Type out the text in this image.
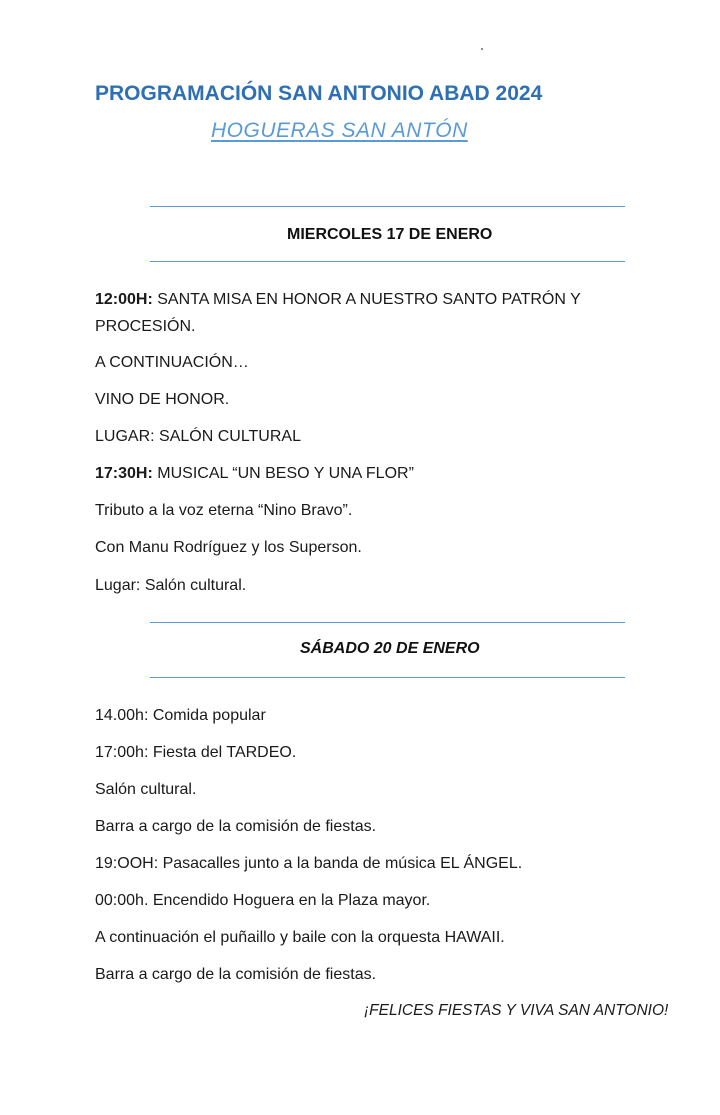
PROGRAMACIÓN SAN ANTONIO ABAD 2024
HOGUERAS SAN ANTÓN
MIERCOLES 17 DE ENERO
12:00H: SANTA MISA EN HONOR A NUESTRO SANTO PATRÓN Y
PROCESIÓN.
A CONTINUACIÓN…
VINO DE HONOR.
LUGAR: SALÓN CULTURAL
17:30H: MUSICAL “UN BESO Y UNA FLOR”
Tributo a la voz eterna “Nino Bravo”.
Con Manu Rodríguez y los Superson.
Lugar: Salón cultural.
SÁBADO 20 DE ENERO
14.00h: Comida popular
17:00h: Fiesta del TARDEO.
Salón cultural.
Barra a cargo de la comisión de fiestas.
19:OOH: Pasacalles junto a la banda de música EL ÁNGEL.
00:00h. Encendido Hoguera en la Plaza mayor.
A continuación el puñaillo y baile con la orquesta HAWAII.
Barra a cargo de la comisión de fiestas.
¡FELICES FIESTAS Y VIVA SAN ANTONIO!
